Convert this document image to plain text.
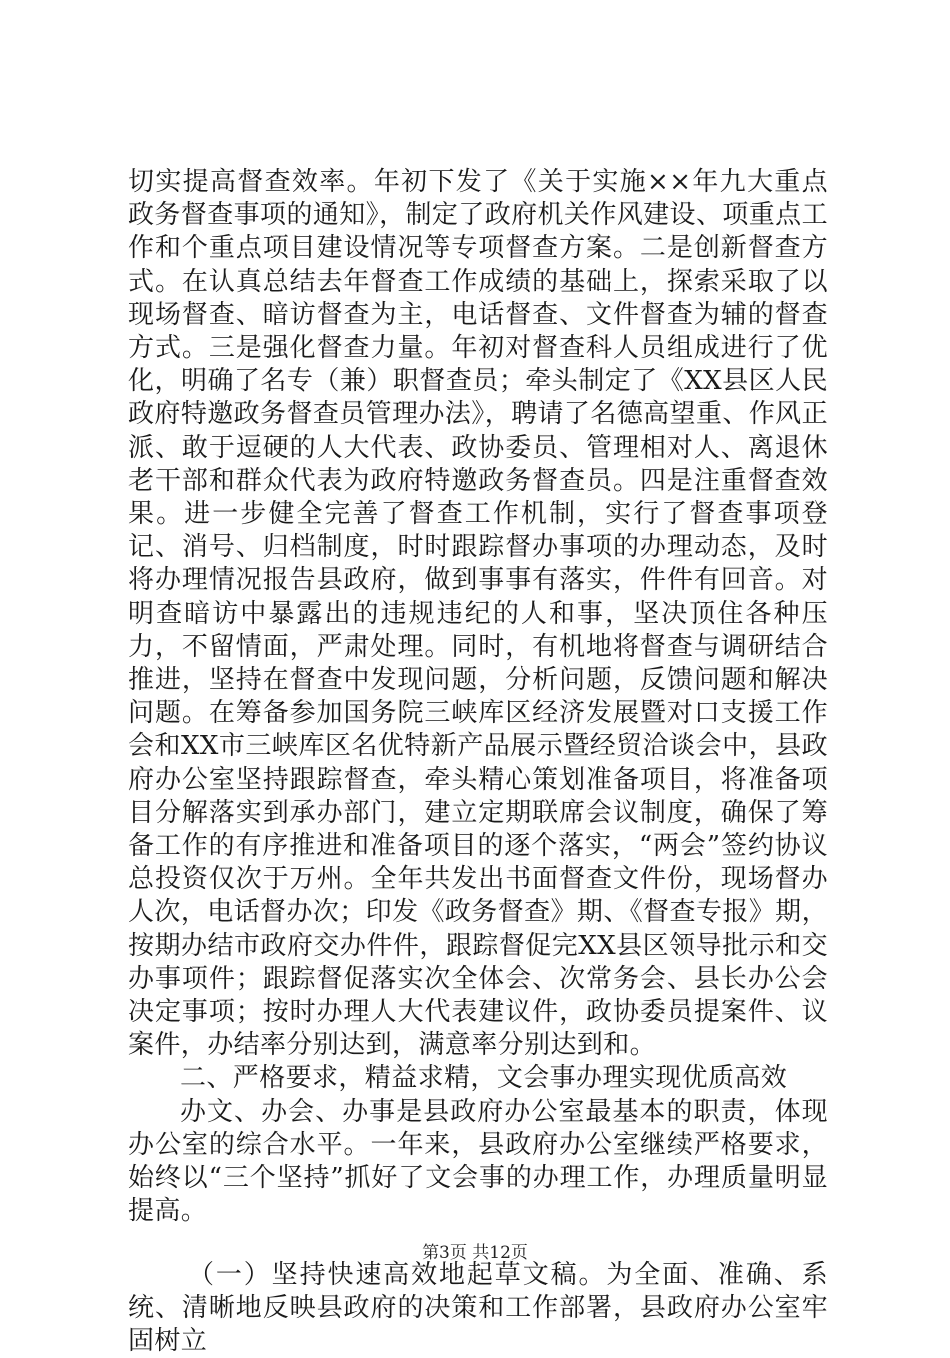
切实提高督查效率。年初下发了《关于实施××年九大重点政务督查事项的通知》，制定了政府机关作风建设、项重点工作和个重点项目建设情况等专项督查方案。二是创新督查方式。在认真总结去年督查工作成绩的基础上，探索采取了以现场督查、暗访督查为主，电话督查、文件督查为辅的督查方式。三是强化督查力量。年初对督查科人员组成进行了优化，明确了名专（兼）职督查员；牵头制定了《XX县区人民政府特邀政务督查员管理办法》，聘请了名德高望重、作风正派、敢于逗硬的人大代表、政协委员、管理相对人、离退休老干部和群众代表为政府特邀政务督查员。四是注重督查效果。进一步健全完善了督查工作机制，实行了督查事项登记、消号、归档制度，时时跟踪督办事项的办理动态，及时将办理情况报告县政府，做到事事有落实，件件有回音。对明查暗访中暴露出的违规违纪的人和事，坚决顶住各种压力，不留情面，严肃处理。同时，有机地将督查与调研结合推进，坚持在督查中发现问题，分析问题，反馈问题和解决问题。在筹备参加国务院三峡库区经济发展暨对口支援工作会和XX市三峡库区名优特新产品展示暨经贸洽谈会中，县政府办公室坚持跟踪督查，牵头精心策划准备项目，将准备项目分解落实到承办部门，建立定期联席会议制度，确保了筹备工作的有序推进和准备项目的逐个落实，“两会”签约协议总投资仅次于万州。全年共发出书面督查文件份，现场督办人次，电话督办次；印发《政务督查》期、《督查专报》期，按期办结市政府交办件件，跟踪督促完XX县区领导批示和交办事项件；跟踪督促落实次全体会、次常务会、县长办公会决定事项；按时办理人大代表建议件，政协委员提案件、议案件，办结率分别达到，满意率分别达到和。

二、严格要求，精益求精，文会事办理实现优质高效

办文、办会、办事是县政府办公室最基本的职责，体现办公室的综合水平。一年来，县政府办公室继续严格要求，始终以“三个坚持”抓好了文会事的办理工作，办理质量明显提高。

（一）坚持快速高效地起草文稿。为全面、准确、系统、清晰地反映县政府的决策和工作部署，县政府办公室牢固树立

第3页 共12页
